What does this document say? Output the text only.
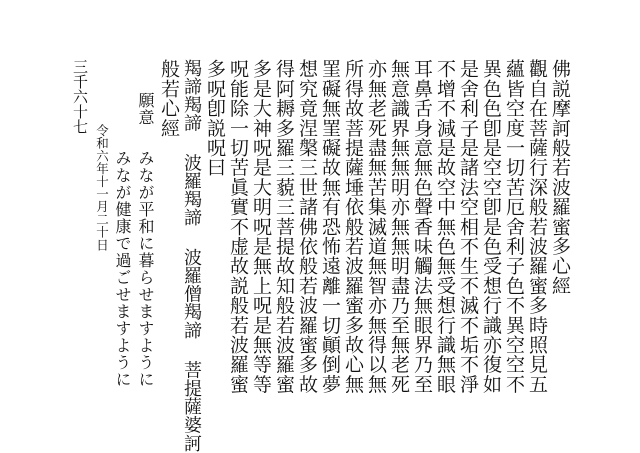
佛説摩訶般若波羅蜜多心經
觀自在菩薩行深般若波羅蜜多時照見五
蘊皆空度一切苦厄舍利子色不異空空不
異色色卽是空空卽是色受想行識亦復如
是舍利子是諸法空相不生不滅不垢不淨
不增不減是故空中無色無受想行識無眼
耳鼻舌身意無色聲香味觸法無眼界乃至
無意識界無無明亦無無明盡乃至無老死
亦無老死盡無苦集滅道無智亦無得以無
所得故菩提薩埵依般若波羅蜜多故心無
罣礙無罣礙故無有恐怖遠離一切顚倒夢
想究竟涅槃三世諸佛依般若波羅蜜多故
得阿耨多羅三藐三菩提故知般若波羅蜜
多是大神呪是大明呪是無上呪是無等等
呪能除一切苦眞實不虚故説般若波羅蜜
多呪卽説呪曰
羯諦羯諦 波羅羯諦 波羅僧羯諦 菩提薩婆訶
般若心經
願意
みなが平和に暮らせますように
みなが健康で過ごせますように
令和六年十一月二十日
三千六十七
